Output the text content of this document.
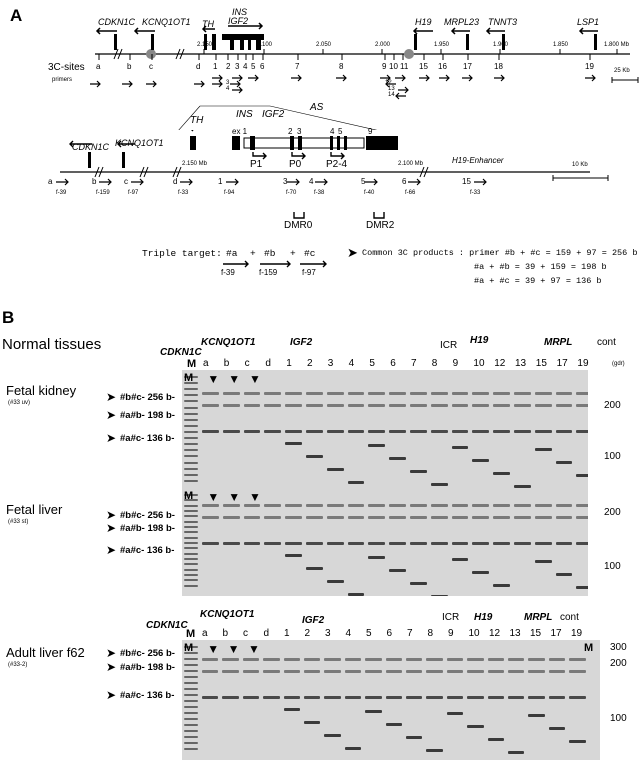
A	CDKN1C KCNQ1OT1 TH
INS
IGF2	H19 MRPL23 TNNT3	LSP1
2.150	2.100	2.050	2.000	1.950	1.900	1.850	1.800 Mb
3C-sites
primers
a	b c	d 1 2 3 4 5 6	7	8	9 10 11 15 16 17	18	19
3
4
12
13
14
25 Kb
CDKN1C KCNQ1OT1
TH
INS IGF2
AS
H19-Enhancer
ex 1	2 3	4 5	9
P1	P0 P2-4
2.150 Mb	2.100 Mb	10 Kb
a
f-39
b
f-159
c
f-97
d
f-33
1
f-94
3
f-70
4
f-38
5
f-40
6
f-66
15
f-33
DMR0	DMR2
Triple target: #a + #b + #c
f-39	f-159	f-97
➤ Common 3C products : primer #b + #c = 159 + 97 = 256 b
#a + #b = 39 + 159 = 198 b
#a + #c = 39 + 97 = 136 b
B
Normal tissues	CDKN1C
KCNQ1OT1	IGF2	ICR H19	MRPL cont
M a b c d 1 2 3 4 5 6 7 8 9 10 12 13 15 17 19	(gdr)
Fetal kidney
(#33 uv)
M ▼ ▼ ▼
Fetal liver
(#33 st)
M ▼ ▼ ▼
CDKN1C
KCNQ1OT1
IGF2	ICR H19	MRPL cont
M a b c d 1 2 3 4 5 6 7 8 9 10 12 13 15 17 19
Adult liver f62
(#33-2)
M ▼ ▼ ▼	M
➤ #b#c- 256 b-
➤ #a#b- 198 b-
➤ #a#c- 136 b-
➤ #b#c- 256 b-
➤ #a#b- 198 b-
➤ #a#c- 136 b-
➤ #b#c- 256 b-
➤ #a#b- 198 b-
➤ #a#c- 136 b-
200
100
200
100
300
200
100
